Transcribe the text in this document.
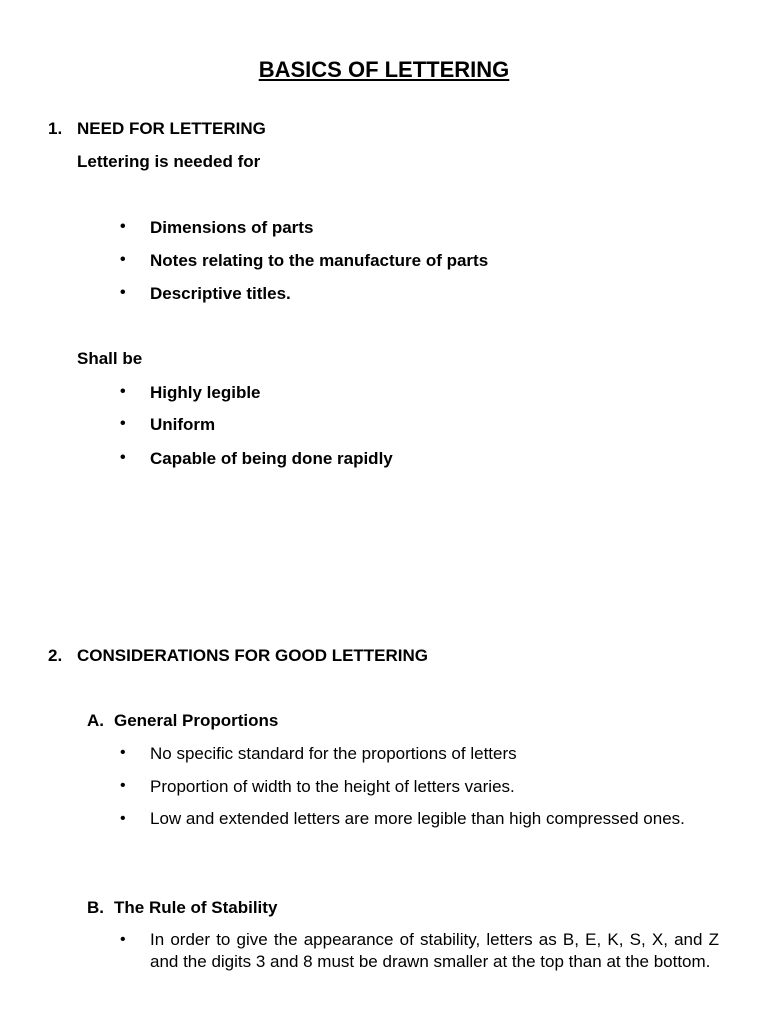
BASICS OF LETTERING
1. NEED FOR LETTERING
Lettering is needed for
• Dimensions of parts
• Notes relating to the manufacture of parts
• Descriptive titles.
Shall be
• Highly legible
• Uniform
• Capable of being done rapidly
2. CONSIDERATIONS FOR GOOD LETTERING
A. General Proportions
• No specific standard for the proportions of letters
• Proportion of width to the height of letters varies.
• Low and extended letters are more legible than high compressed ones.
B. The Rule of Stability
• In order to give the appearance of stability, letters as B, E, K, S, X, and Z and the digits 3 and 8 must be drawn smaller at the top than at the bottom.
